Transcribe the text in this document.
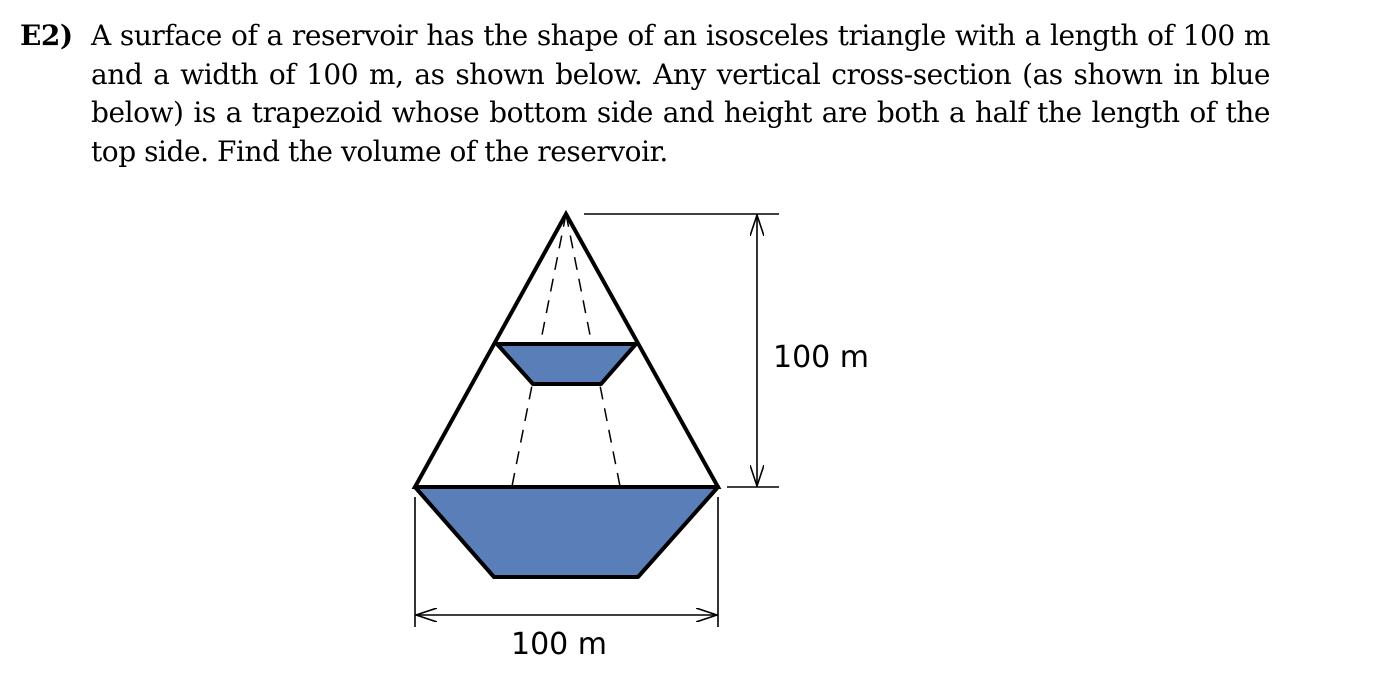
E2) A surface of a reservoir has the shape of an isosceles triangle with a length of 100 m and a width of 100 m, as shown below. Any vertical cross-section (as shown in blue below) is a trapezoid whose bottom side and height are both a half the length of the top side. Find the volume of the reservoir.
100 m
100 m
